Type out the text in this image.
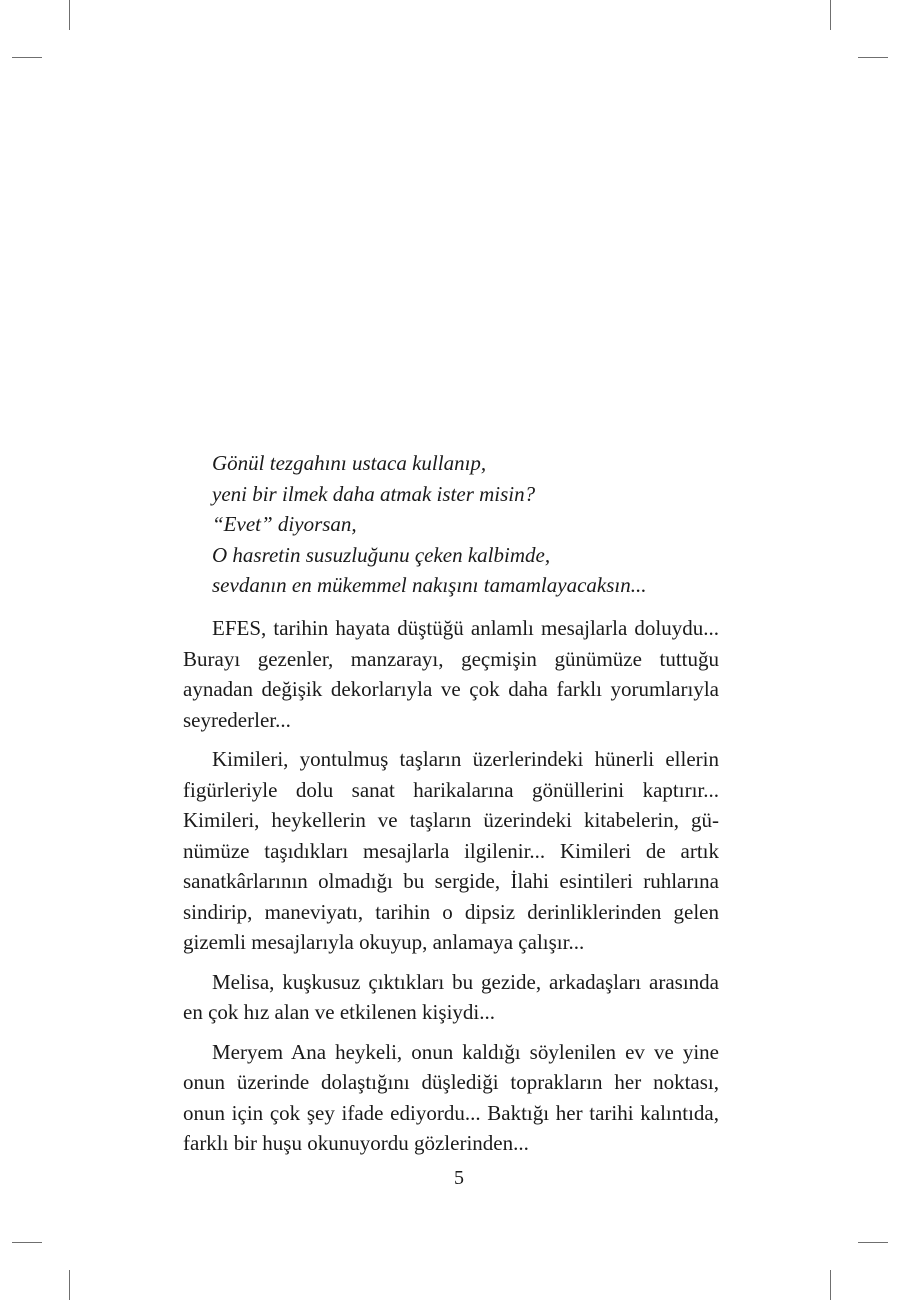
Gönül tezgahını ustaca kullanıp,
yeni bir ilmek daha atmak ister misin?
“Evet” diyorsan,
O hasretin susuzluğunu çeken kalbimde,
sevdanın en mükemmel nakışını tamamlayacaksın...

EFES, tarihin hayata düştüğü anlamlı mesajlarla doluydu... Burayı gezenler, manzarayı, geçmişin günümüze tuttuğu aynadan değişik dekorlarıyla ve çok daha farklı yorumlarıyla seyrederler...

Kimileri, yontulmuş taşların üzerlerindeki hünerli ellerin figürleriyle dolu sanat harikalarına gönüllerini kaptırır... Kimileri, heykellerin ve taşların üzerindeki kitabelerin, günümüze taşıdıkları mesajlarla ilgilenir... Kimileri de artık sanatkârlarının olmadığı bu sergide, İlahi esintileri ruhlarına sindirip, maneviyatı, tarihin o dipsiz derinliklerinden gelen gizemli mesajlarıyla okuyup, anlamaya çalışır...

Melisa, kuşkusuz çıktıkları bu gezide, arkadaşları arasında en çok hız alan ve etkilenen kişiydi...

Meryem Ana heykeli, onun kaldığı söylenilen ev ve yine onun üzerinde dolaştığını düşlediği toprakların her noktası, onun için çok şey ifade ediyordu... Baktığı her tarihi kalıntıda, farklı bir huşu okunuyordu gözlerinden...

5
